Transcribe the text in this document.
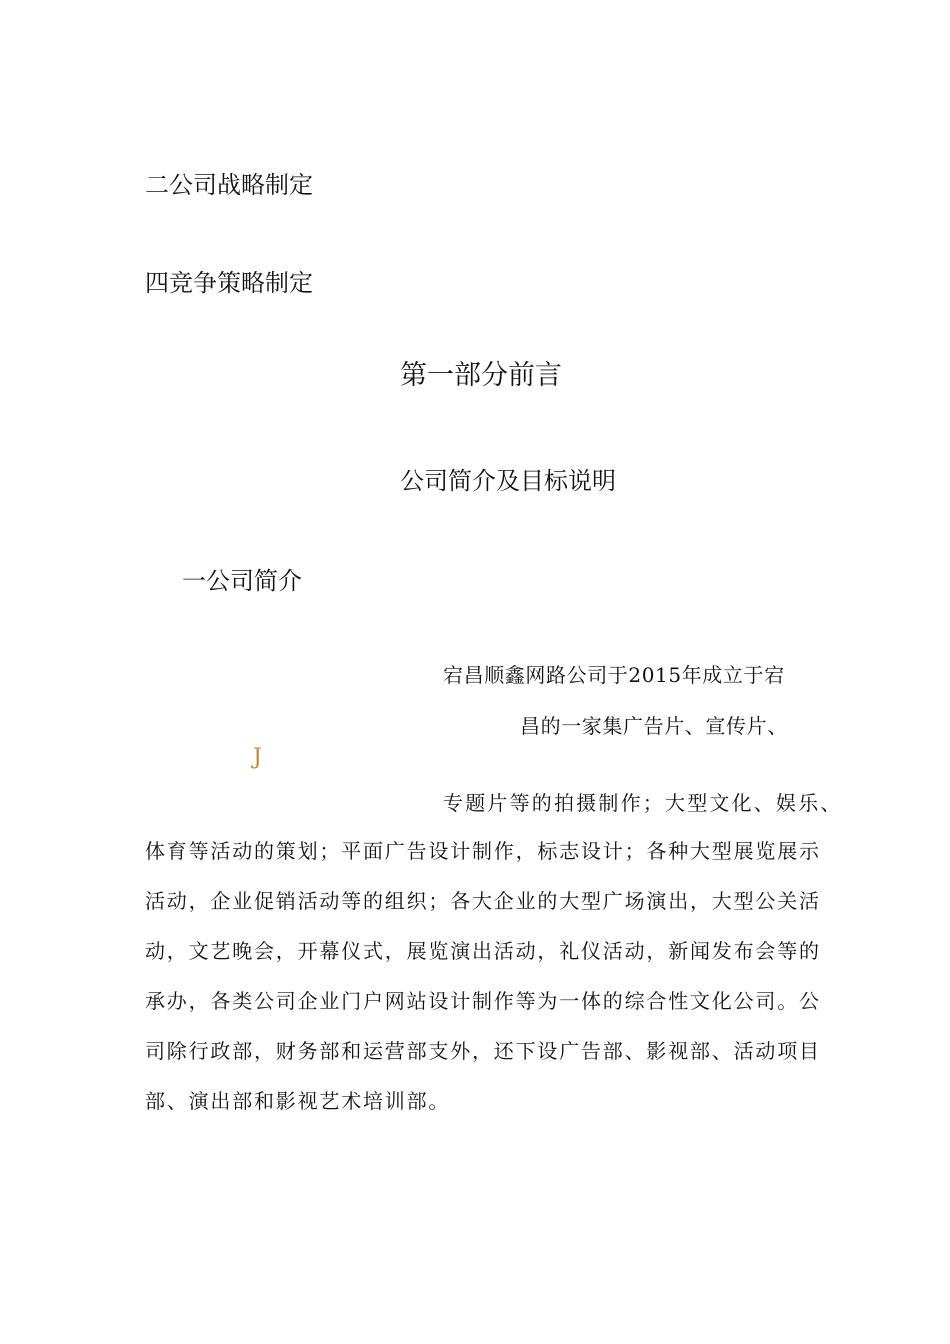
二公司战略制定
四竞争策略制定
第一部分前言
公司简介及目标说明
一公司简介
J
宕昌顺鑫网路公司于2015年成立于宕
昌的一家集广告片、宣传片、
专题片等的拍摄制作；大型文化、娱乐、
体育等活动的策划；平面广告设计制作，标志设计；各种大型展览展示
活动，企业促销活动等的组织；各大企业的大型广场演出，大型公关活
动，文艺晚会，开幕仪式，展览演出活动，礼仪活动，新闻发布会等的
承办，各类公司企业门户网站设计制作等为一体的综合性文化公司。公
司除行政部，财务部和运营部支外，还下设广告部、影视部、活动项目
部、演出部和影视艺术培训部。
